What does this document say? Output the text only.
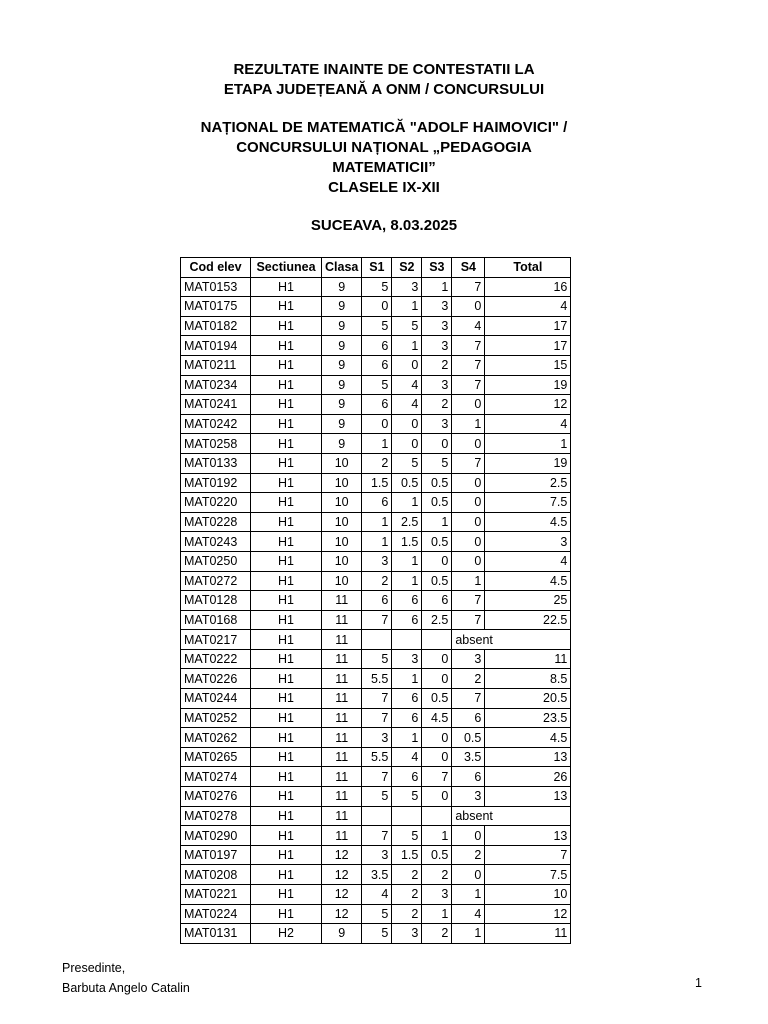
REZULTATE INAINTE DE CONTESTATII LA
ETAPA JUDEȚEANĂ A ONM / CONCURSULUI
NAȚIONAL DE MATEMATICĂ "ADOLF HAIMOVICI" /
CONCURSULUI NAȚIONAL „PEDAGOGIA
MATEMATICII”
CLASELE IX-XII
SUCEAVA, 8.03.2025
Cod elev	Sectiunea	Clasa	S1	S2	S3	S4	Total
MAT0153	H1	9	5	3	1	7	16
MAT0175	H1	9	0	1	3	0	4
MAT0182	H1	9	5	5	3	4	17
MAT0194	H1	9	6	1	3	7	17
MAT0211	H1	9	6	0	2	7	15
MAT0234	H1	9	5	4	3	7	19
MAT0241	H1	9	6	4	2	0	12
MAT0242	H1	9	0	0	3	1	4
MAT0258	H1	9	1	0	0	0	1
MAT0133	H1	10	2	5	5	7	19
MAT0192	H1	10	1.5	0.5	0.5	0	2.5
MAT0220	H1	10	6	1	0.5	0	7.5
MAT0228	H1	10	1	2.5	1	0	4.5
MAT0243	H1	10	1	1.5	0.5	0	3
MAT0250	H1	10	3	1	0	0	4
MAT0272	H1	10	2	1	0.5	1	4.5
MAT0128	H1	11	6	6	6	7	25
MAT0168	H1	11	7	6	2.5	7	22.5
MAT0217	H1	11				absent	
MAT0222	H1	11	5	3	0	3	11
MAT0226	H1	11	5.5	1	0	2	8.5
MAT0244	H1	11	7	6	0.5	7	20.5
MAT0252	H1	11	7	6	4.5	6	23.5
MAT0262	H1	11	3	1	0	0.5	4.5
MAT0265	H1	11	5.5	4	0	3.5	13
MAT0274	H1	11	7	6	7	6	26
MAT0276	H1	11	5	5	0	3	13
MAT0278	H1	11				absent	
MAT0290	H1	11	7	5	1	0	13
MAT0197	H1	12	3	1.5	0.5	2	7
MAT0208	H1	12	3.5	2	2	0	7.5
MAT0221	H1	12	4	2	3	1	10
MAT0224	H1	12	5	2	1	4	12
MAT0131	H2	9	5	3	2	1	11
Presedinte,
Barbuta Angelo Catalin	1
